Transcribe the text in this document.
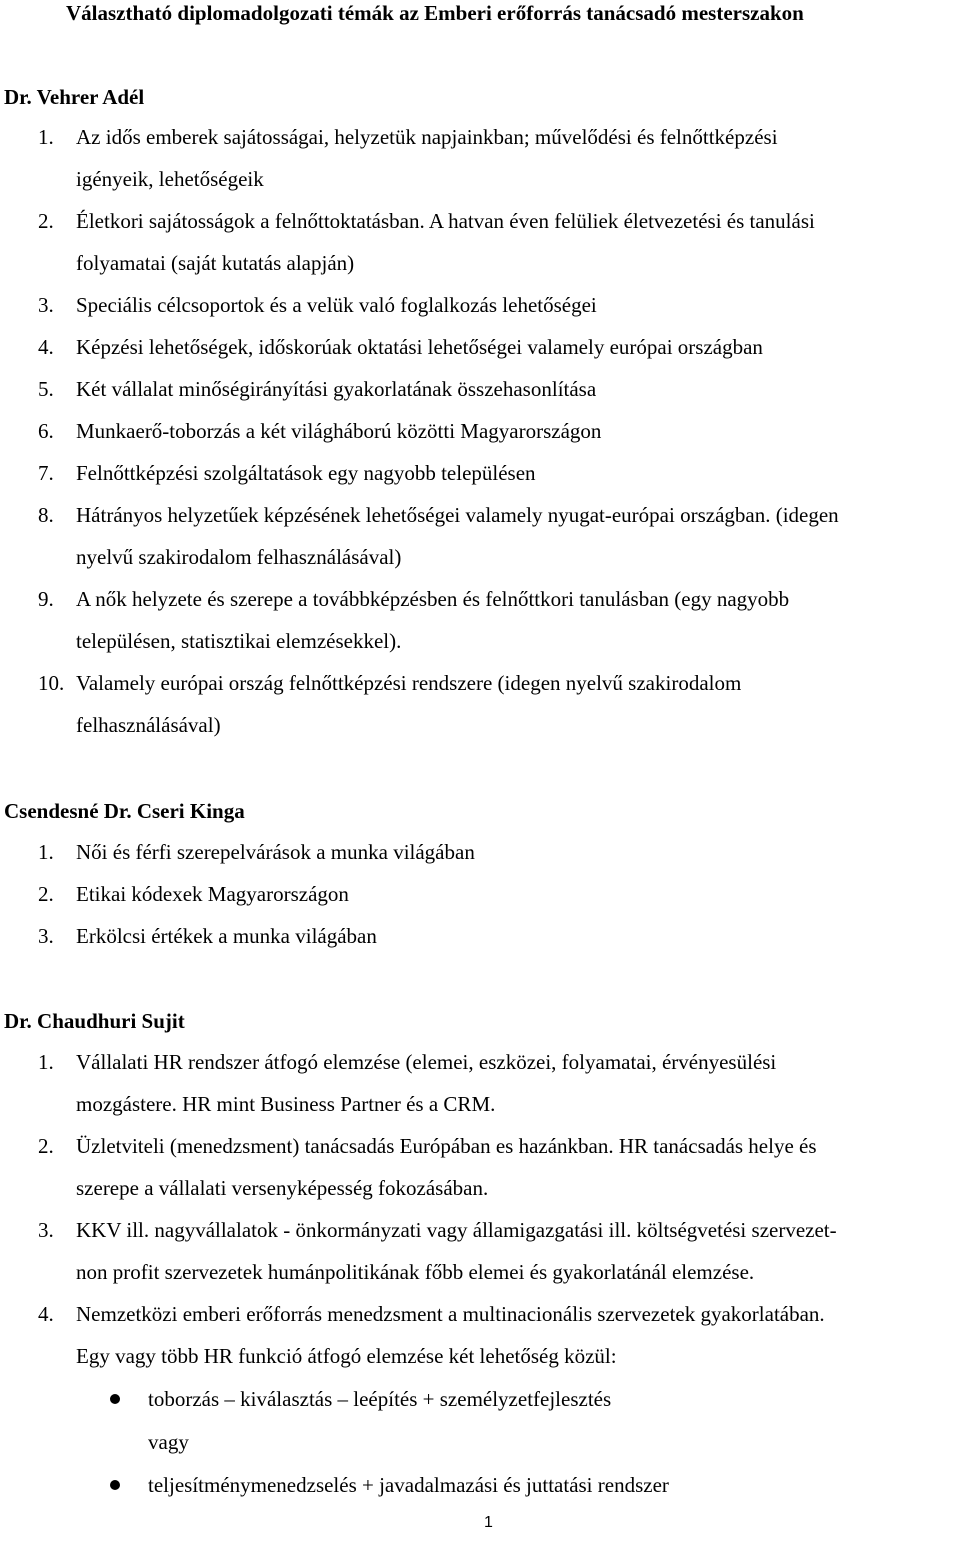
Választható diplomadolgozati témák az Emberi erőforrás tanácsadó mesterszakon
Dr. Vehrer Adél
1. Az idős emberek sajátosságai, helyzetük napjainkban; művelődési és felnőttképzési
igényeik, lehetőségeik
2. Életkori sajátosságok a felnőttoktatásban. A hatvan éven felüliek életvezetési és tanulási
folyamatai (saját kutatás alapján)
3. Speciális célcsoportok és a velük való foglalkozás lehetőségei
4. Képzési lehetőségek, időskorúak oktatási lehetőségei valamely európai országban
5. Két vállalat minőségirányítási gyakorlatának összehasonlítása
6. Munkaerő-toborzás a két világháború közötti Magyarországon
7. Felnőttképzési szolgáltatások egy nagyobb településen
8. Hátrányos helyzetűek képzésének lehetőségei valamely nyugat-európai országban. (idegen
nyelvű szakirodalom felhasználásával)
9. A nők helyzete és szerepe a továbbképzésben és felnőttkori tanulásban (egy nagyobb
településen, statisztikai elemzésekkel).
10. Valamely európai ország felnőttképzési rendszere (idegen nyelvű szakirodalom
felhasználásával)
Csendesné Dr. Cseri Kinga
1. Női és férfi szerepelvárások a munka világában
2. Etikai kódexek Magyarországon
3. Erkölcsi értékek a munka világában
Dr. Chaudhuri Sujit
1. Vállalati HR rendszer átfogó elemzése (elemei, eszközei, folyamatai, érvényesülési
mozgástere. HR mint Business Partner és a CRM.
2. Üzletviteli (menedzsment) tanácsadás Európában es hazánkban. HR tanácsadás helye és
szerepe a vállalati versenyképesség fokozásában.
3. KKV ill. nagyvállalatok - önkormányzati vagy államigazgatási ill. költségvetési szervezet-
non profit szervezetek humánpolitikának főbb elemei és gyakorlatánál elemzése.
4. Nemzetközi emberi erőforrás menedzsment a multinacionális szervezetek gyakorlatában.
Egy vagy több HR funkció átfogó elemzése két lehetőség közül:
toborzás – kiválasztás – leépítés + személyzetfejlesztés
vagy
teljesítménymenedzselés + javadalmazási és juttatási rendszer
1
